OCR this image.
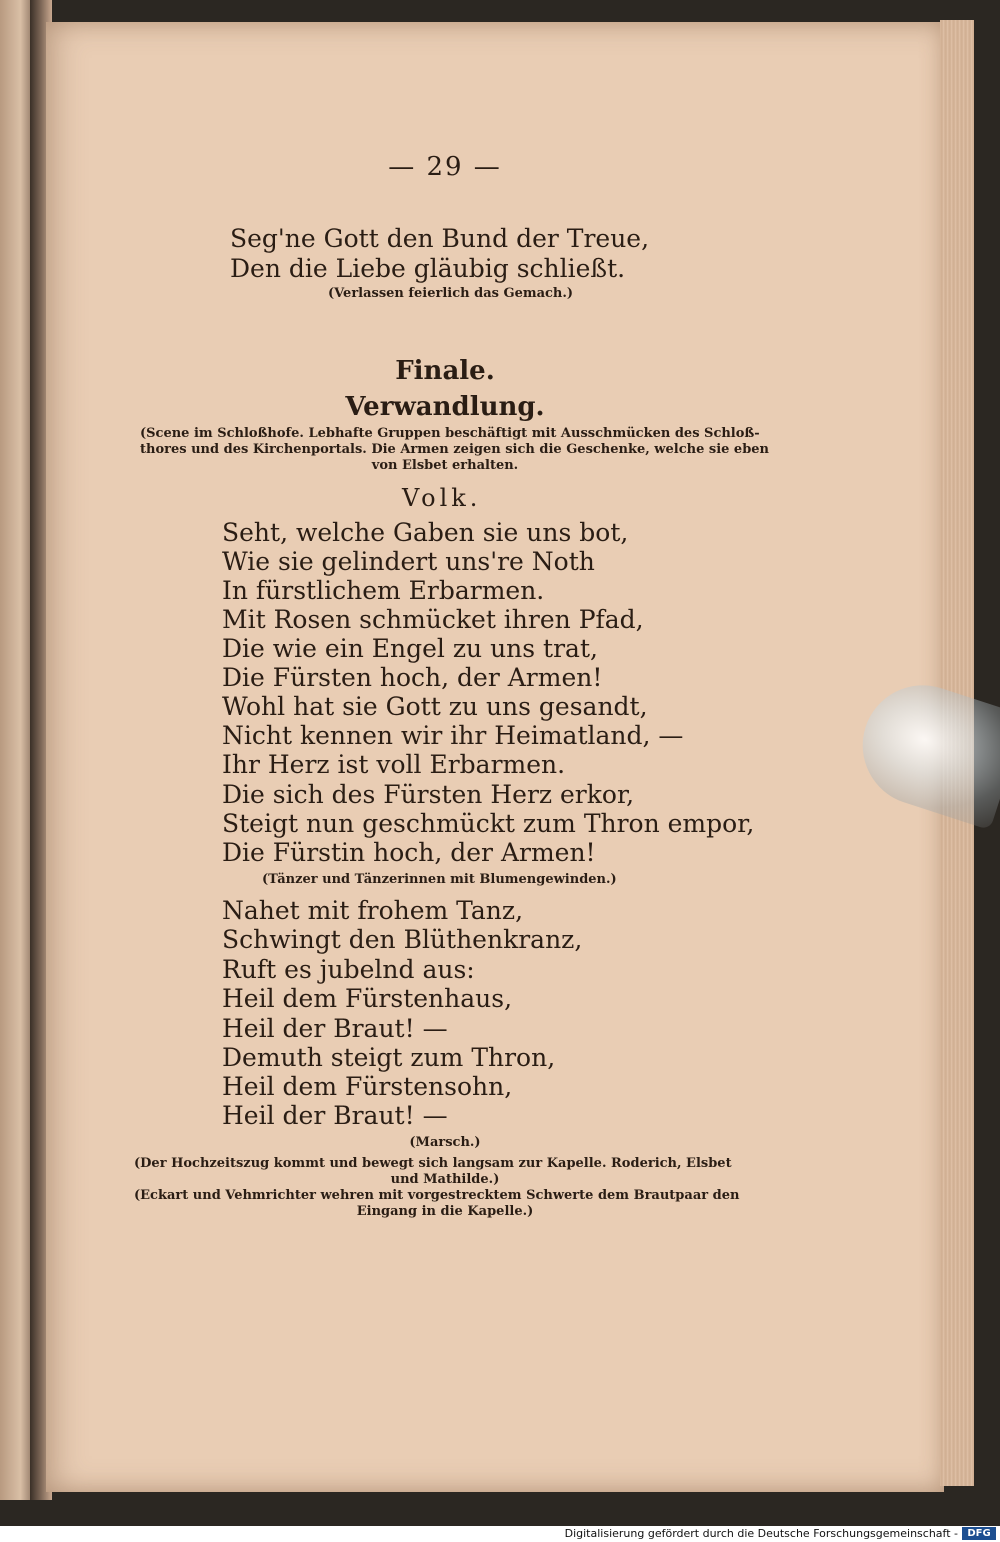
— 29 —

Seg'ne Gott den Bund der Treue,

Den die Liebe gläubig schließt.

(Verlassen feierlich das Gemach.)

Finale.

Verwandlung.

(Scene im Schloßhofe. Lebhafte Gruppen beschäftigt mit Ausschmücken des Schloß-

thores und des Kirchenportals. Die Armen zeigen sich die Geschenke, welche sie eben

von Elsbet erhalten.

Volk.

Seht, welche Gaben sie uns bot,

Wie sie gelindert uns're Noth

In fürstlichem Erbarmen.

Mit Rosen schmücket ihren Pfad,

Die wie ein Engel zu uns trat,

Die Fürsten hoch, der Armen!

Wohl hat sie Gott zu uns gesandt,

Nicht kennen wir ihr Heimatland, —

Ihr Herz ist voll Erbarmen.

Die sich des Fürsten Herz erkor,

Steigt nun geschmückt zum Thron empor,

Die Fürstin hoch, der Armen!

(Tänzer und Tänzerinnen mit Blumengewinden.)

Nahet mit frohem Tanz,

Schwingt den Blüthenkranz,

Ruft es jubelnd aus:

Heil dem Fürstenhaus,

Heil der Braut! —

Demuth steigt zum Thron,

Heil dem Fürstensohn,

Heil der Braut! —

(Marsch.)

(Der Hochzeitszug kommt und bewegt sich langsam zur Kapelle. Roderich, Elsbet

und Mathilde.)

(Eckart und Vehmrichter wehren mit vorgestrecktem Schwerte dem Brautpaar den

Eingang in die Kapelle.)

Digitalisierung gefördert durch die Deutsche Forschungsgemeinschaft - DFG
